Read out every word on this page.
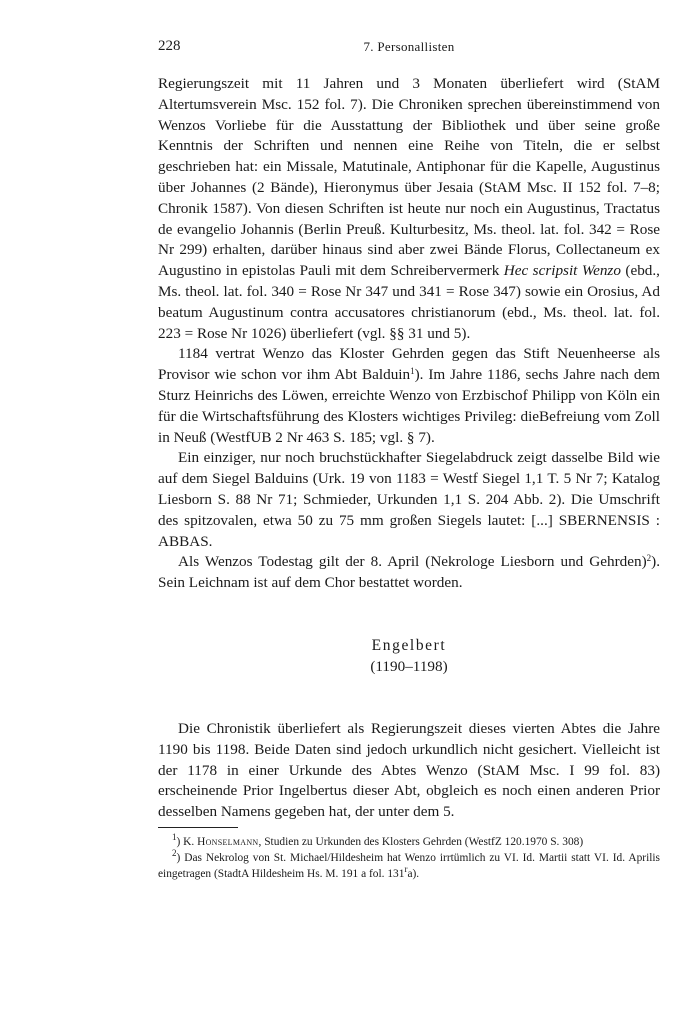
228	7. Personallisten

Regierungszeit mit 11 Jahren und 3 Monaten überliefert wird (StAM Altertumsverein Msc. 152 fol. 7). Die Chroniken sprechen übereinstimmend von Wenzos Vorliebe für die Ausstattung der Bibliothek und über seine große Kenntnis der Schriften und nennen eine Reihe von Titeln, die er selbst geschrieben hat: ein Missale, Matutinale, Antiphonar für die Kapelle, Augustinus über Johannes (2 Bände), Hieronymus über Jesaia (StAM Msc. II 152 fol. 7–8; Chronik 1587). Von diesen Schriften ist heute nur noch ein Augustinus, Tractatus de evangelio Johannis (Berlin Preuß. Kulturbesitz, Ms. theol. lat. fol. 342 = Rose Nr 299) erhalten, darüber hinaus sind aber zwei Bände Florus, Collectaneum ex Augustino in epistolas Pauli mit dem Schreibervermerk Hec scripsit Wenzo (ebd., Ms. theol. lat. fol. 340 = Rose Nr 347 und 341 = Rose 347) sowie ein Orosius, Ad beatum Augustinum contra accusatores christianorum (ebd., Ms. theol. lat. fol. 223 = Rose Nr 1026) überliefert (vgl. §§ 31 und 5).

1184 vertrat Wenzo das Kloster Gehrden gegen das Stift Neuenheerse als Provisor wie schon vor ihm Abt Balduin$^1$). Im Jahre 1186, sechs Jahre nach dem Sturz Heinrichs des Löwen, erreichte Wenzo von Erzbischof Philipp von Köln ein für die Wirtschaftsführung des Klosters wichtiges Privileg: dieBefreiung vom Zoll in Neuß (WestfUB 2 Nr 463 S. 185; vgl. § 7).

Ein einziger, nur noch bruchstückhafter Siegelabdruck zeigt dasselbe Bild wie auf dem Siegel Balduins (Urk. 19 von 1183 = Westf Siegel 1,1 T. 5 Nr 7; Katalog Liesborn S. 88 Nr 71; Schmieder, Urkunden 1,1 S. 204 Abb. 2). Die Umschrift des spitzovalen, etwa 50 zu 75 mm großen Siegels lautet: [...] SBERNENSIS : ABBAS.

Als Wenzos Todestag gilt der 8. April (Nekrologe Liesborn und Gehrden)$^2$). Sein Leichnam ist auf dem Chor bestattet worden.

Engelbert
(1190–1198)

Die Chronistik überliefert als Regierungszeit dieses vierten Abtes die Jahre 1190 bis 1198. Beide Daten sind jedoch urkundlich nicht gesichert. Vielleicht ist der 1178 in einer Urkunde des Abtes Wenzo (StAM Msc. I 99 fol. 83) erscheinende Prior Ingelbertus dieser Abt, obgleich es noch einen anderen Prior desselben Namens gegeben hat, der unter dem 5.

$^1$) K. Honselmann, Studien zu Urkunden des Klosters Gehrden (WestfZ 120.1970 S. 308)

$^2$) Das Nekrolog von St. Michael/Hildesheim hat Wenzo irrtümlich zu VI. Id. Martii statt VI. Id. Aprilis eingetragen (StadtA Hildesheim Hs. M. 191 a fol. 131$^r$a).
